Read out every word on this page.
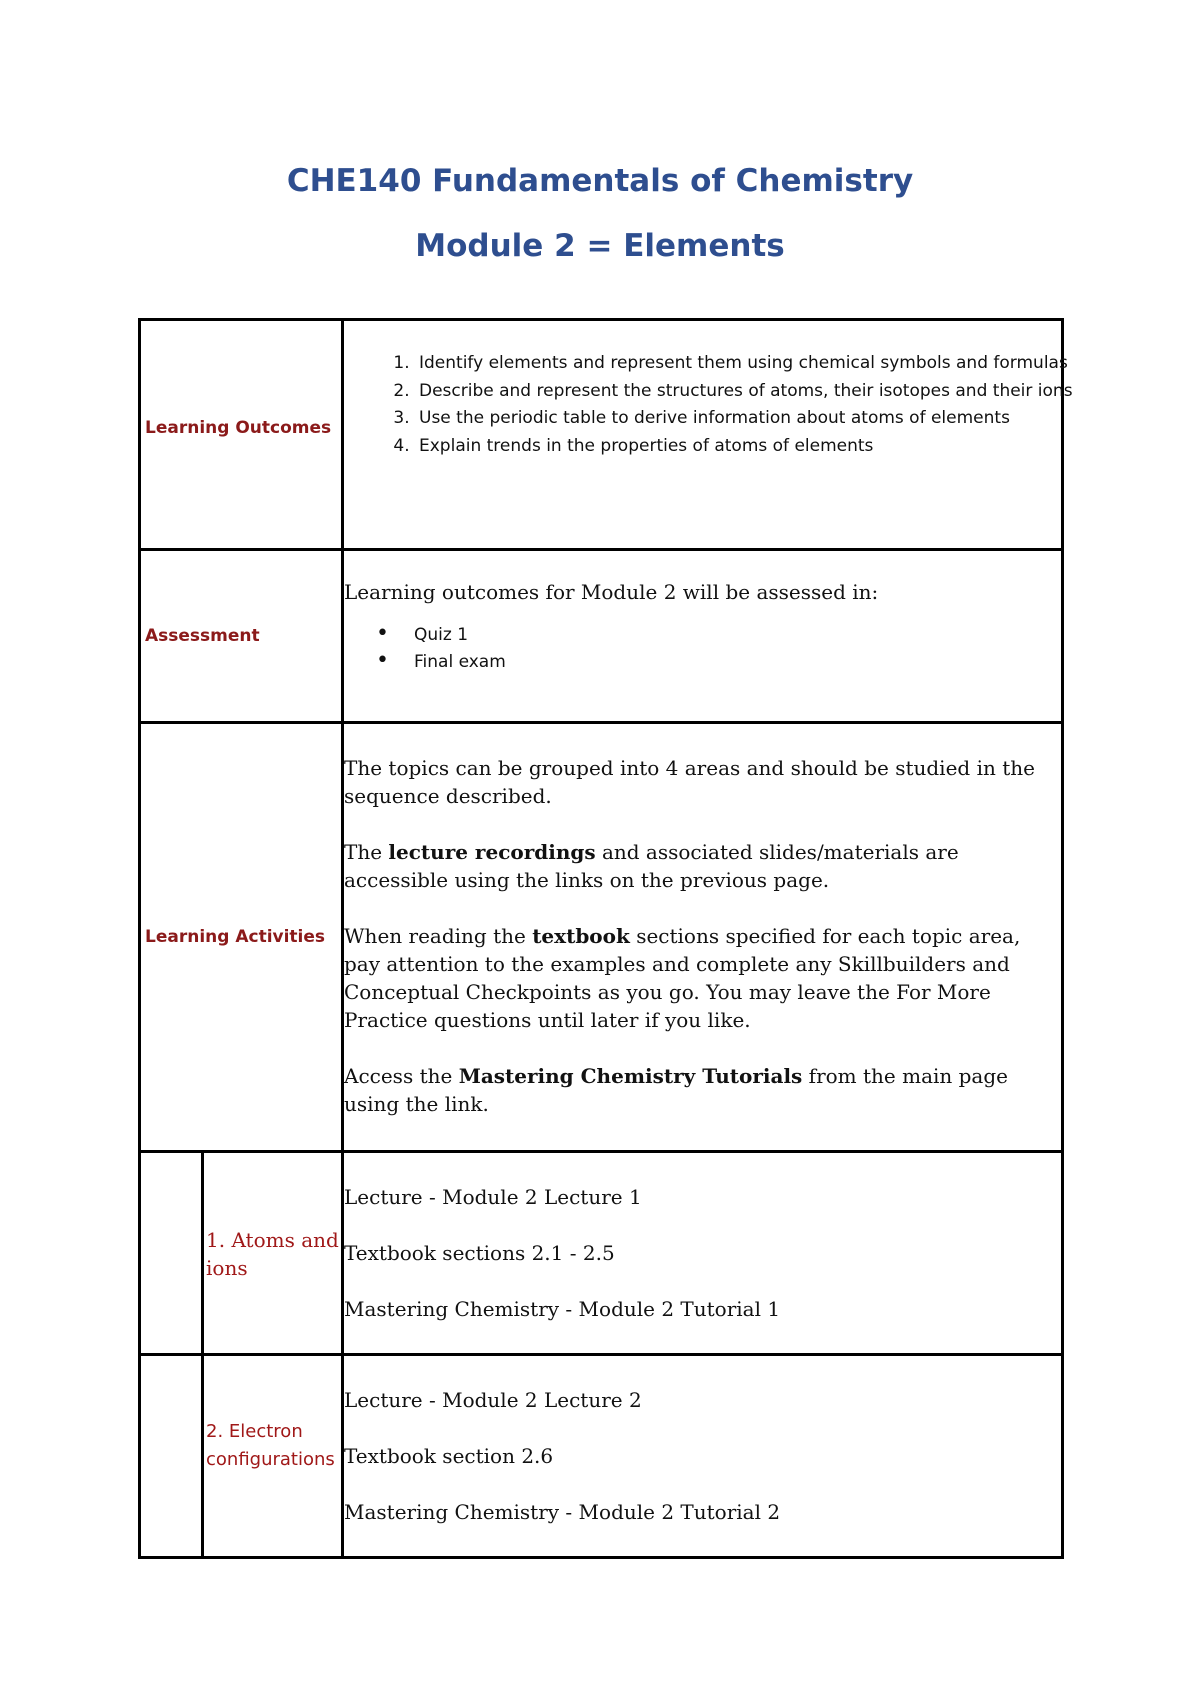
CHE140 Fundamentals of Chemistry
Module 2 = Elements
Learning Outcomes
1. Identify elements and represent them using chemical symbols and formulas
2. Describe and represent the structures of atoms, their isotopes and their ions
3. Use the periodic table to derive information about atoms of elements
4. Explain trends in the properties of atoms of elements
Assessment

Learning outcomes for Module 2 will be assessed in:

• Quiz 1
• Final exam
Learning Activities

The topics can be grouped into 4 areas and should be studied in the sequence described.

The lecture recordings and associated slides/materials are accessible using the links on the previous page.

When reading the textbook sections specified for each topic area, pay attention to the examples and complete any Skillbuilders and Conceptual Checkpoints as you go. You may leave the For More Practice questions until later if you like.

Access the Mastering Chemistry Tutorials from the main page using the link.

1. Atoms and ions

Lecture - Module 2 Lecture 1

Textbook sections 2.1 - 2.5

Mastering Chemistry - Module 2 Tutorial 1

2. Electron configurations

Lecture - Module 2 Lecture 2

Textbook section 2.6

Mastering Chemistry - Module 2 Tutorial 2
